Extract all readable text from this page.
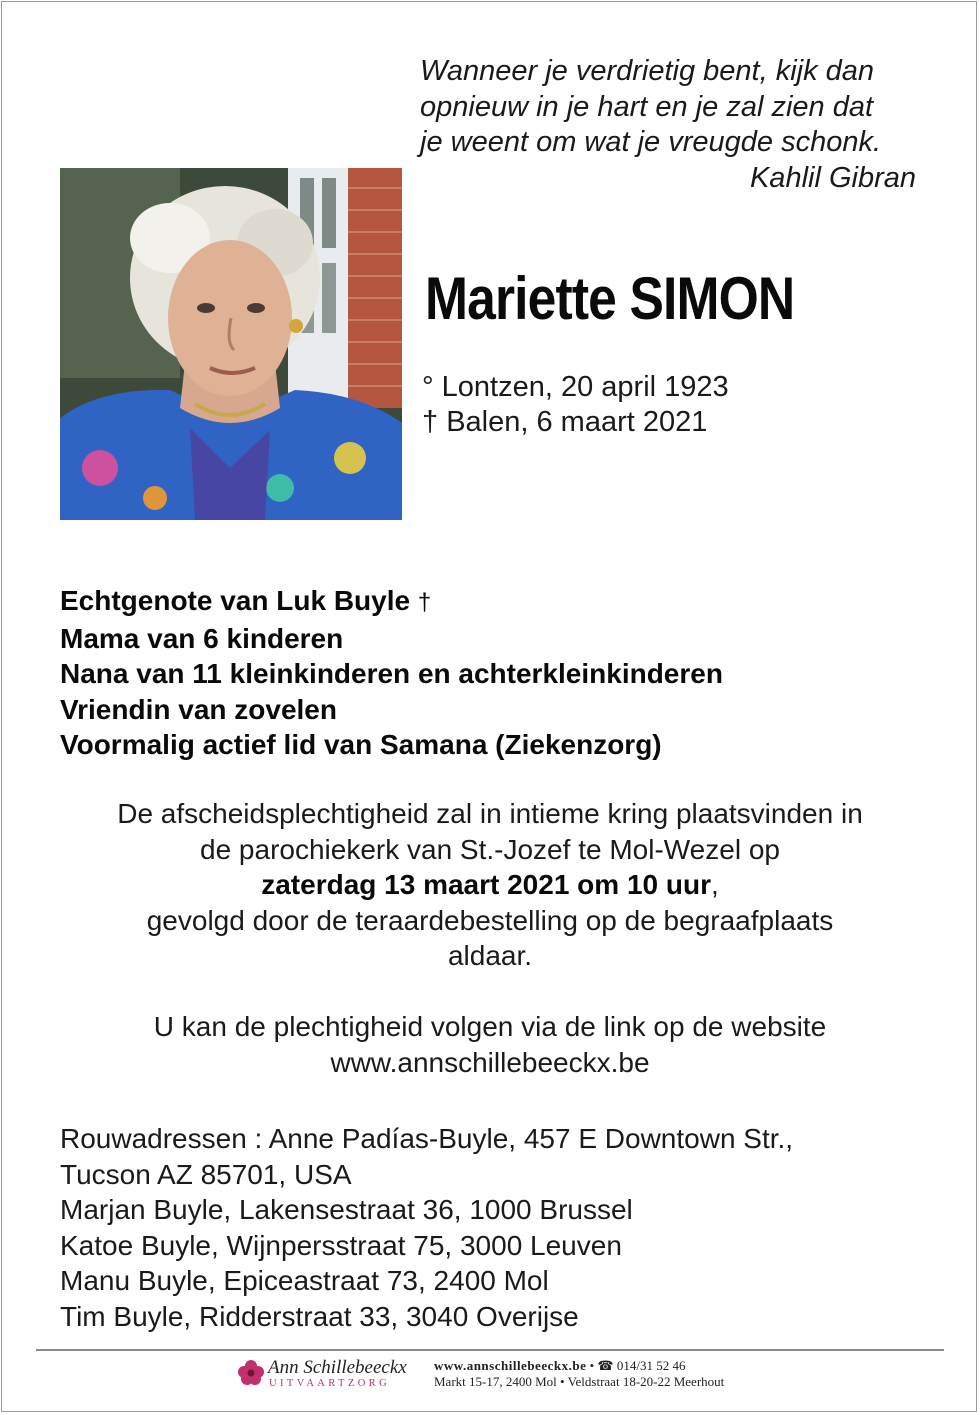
Wanneer je verdrietig bent, kijk dan
opnieuw in je hart en je zal zien dat
je weent om wat je vreugde schonk.
Kahlil Gibran
Mariette SIMON
° Lontzen, 20 april 1923
† Balen, 6 maart 2021
Echtgenote van Luk Buyle †
Mama van 6 kinderen
Nana van 11 kleinkinderen en achterkleinkinderen
Vriendin van zovelen
Voormalig actief lid van Samana (Ziekenzorg)
De afscheidsplechtigheid zal in intieme kring plaatsvinden in
de parochiekerk van St.-Jozef te Mol-Wezel op
zaterdag 13 maart 2021 om 10 uur,
gevolgd door de teraardebestelling op de begraafplaats
aldaar.
U kan de plechtigheid volgen via de link op de website
www.annschillebeeckx.be
Rouwadressen : Anne Padías-Buyle, 457 E Downtown Str.,
Tucson AZ 85701, USA
Marjan Buyle, Lakensestraat 36, 1000 Brussel
Katoe Buyle, Wijnpersstraat 75, 3000 Leuven
Manu Buyle, Epiceastraat 73, 2400 Mol
Tim Buyle, Ridderstraat 33, 3040 Overijse
Ann Schillebeeckx
UITVAARTZORG
www.annschillebeeckx.be • ☎ 014/31 52 46
Markt 15-17, 2400 Mol • Veldstraat 18-20-22 Meerhout
